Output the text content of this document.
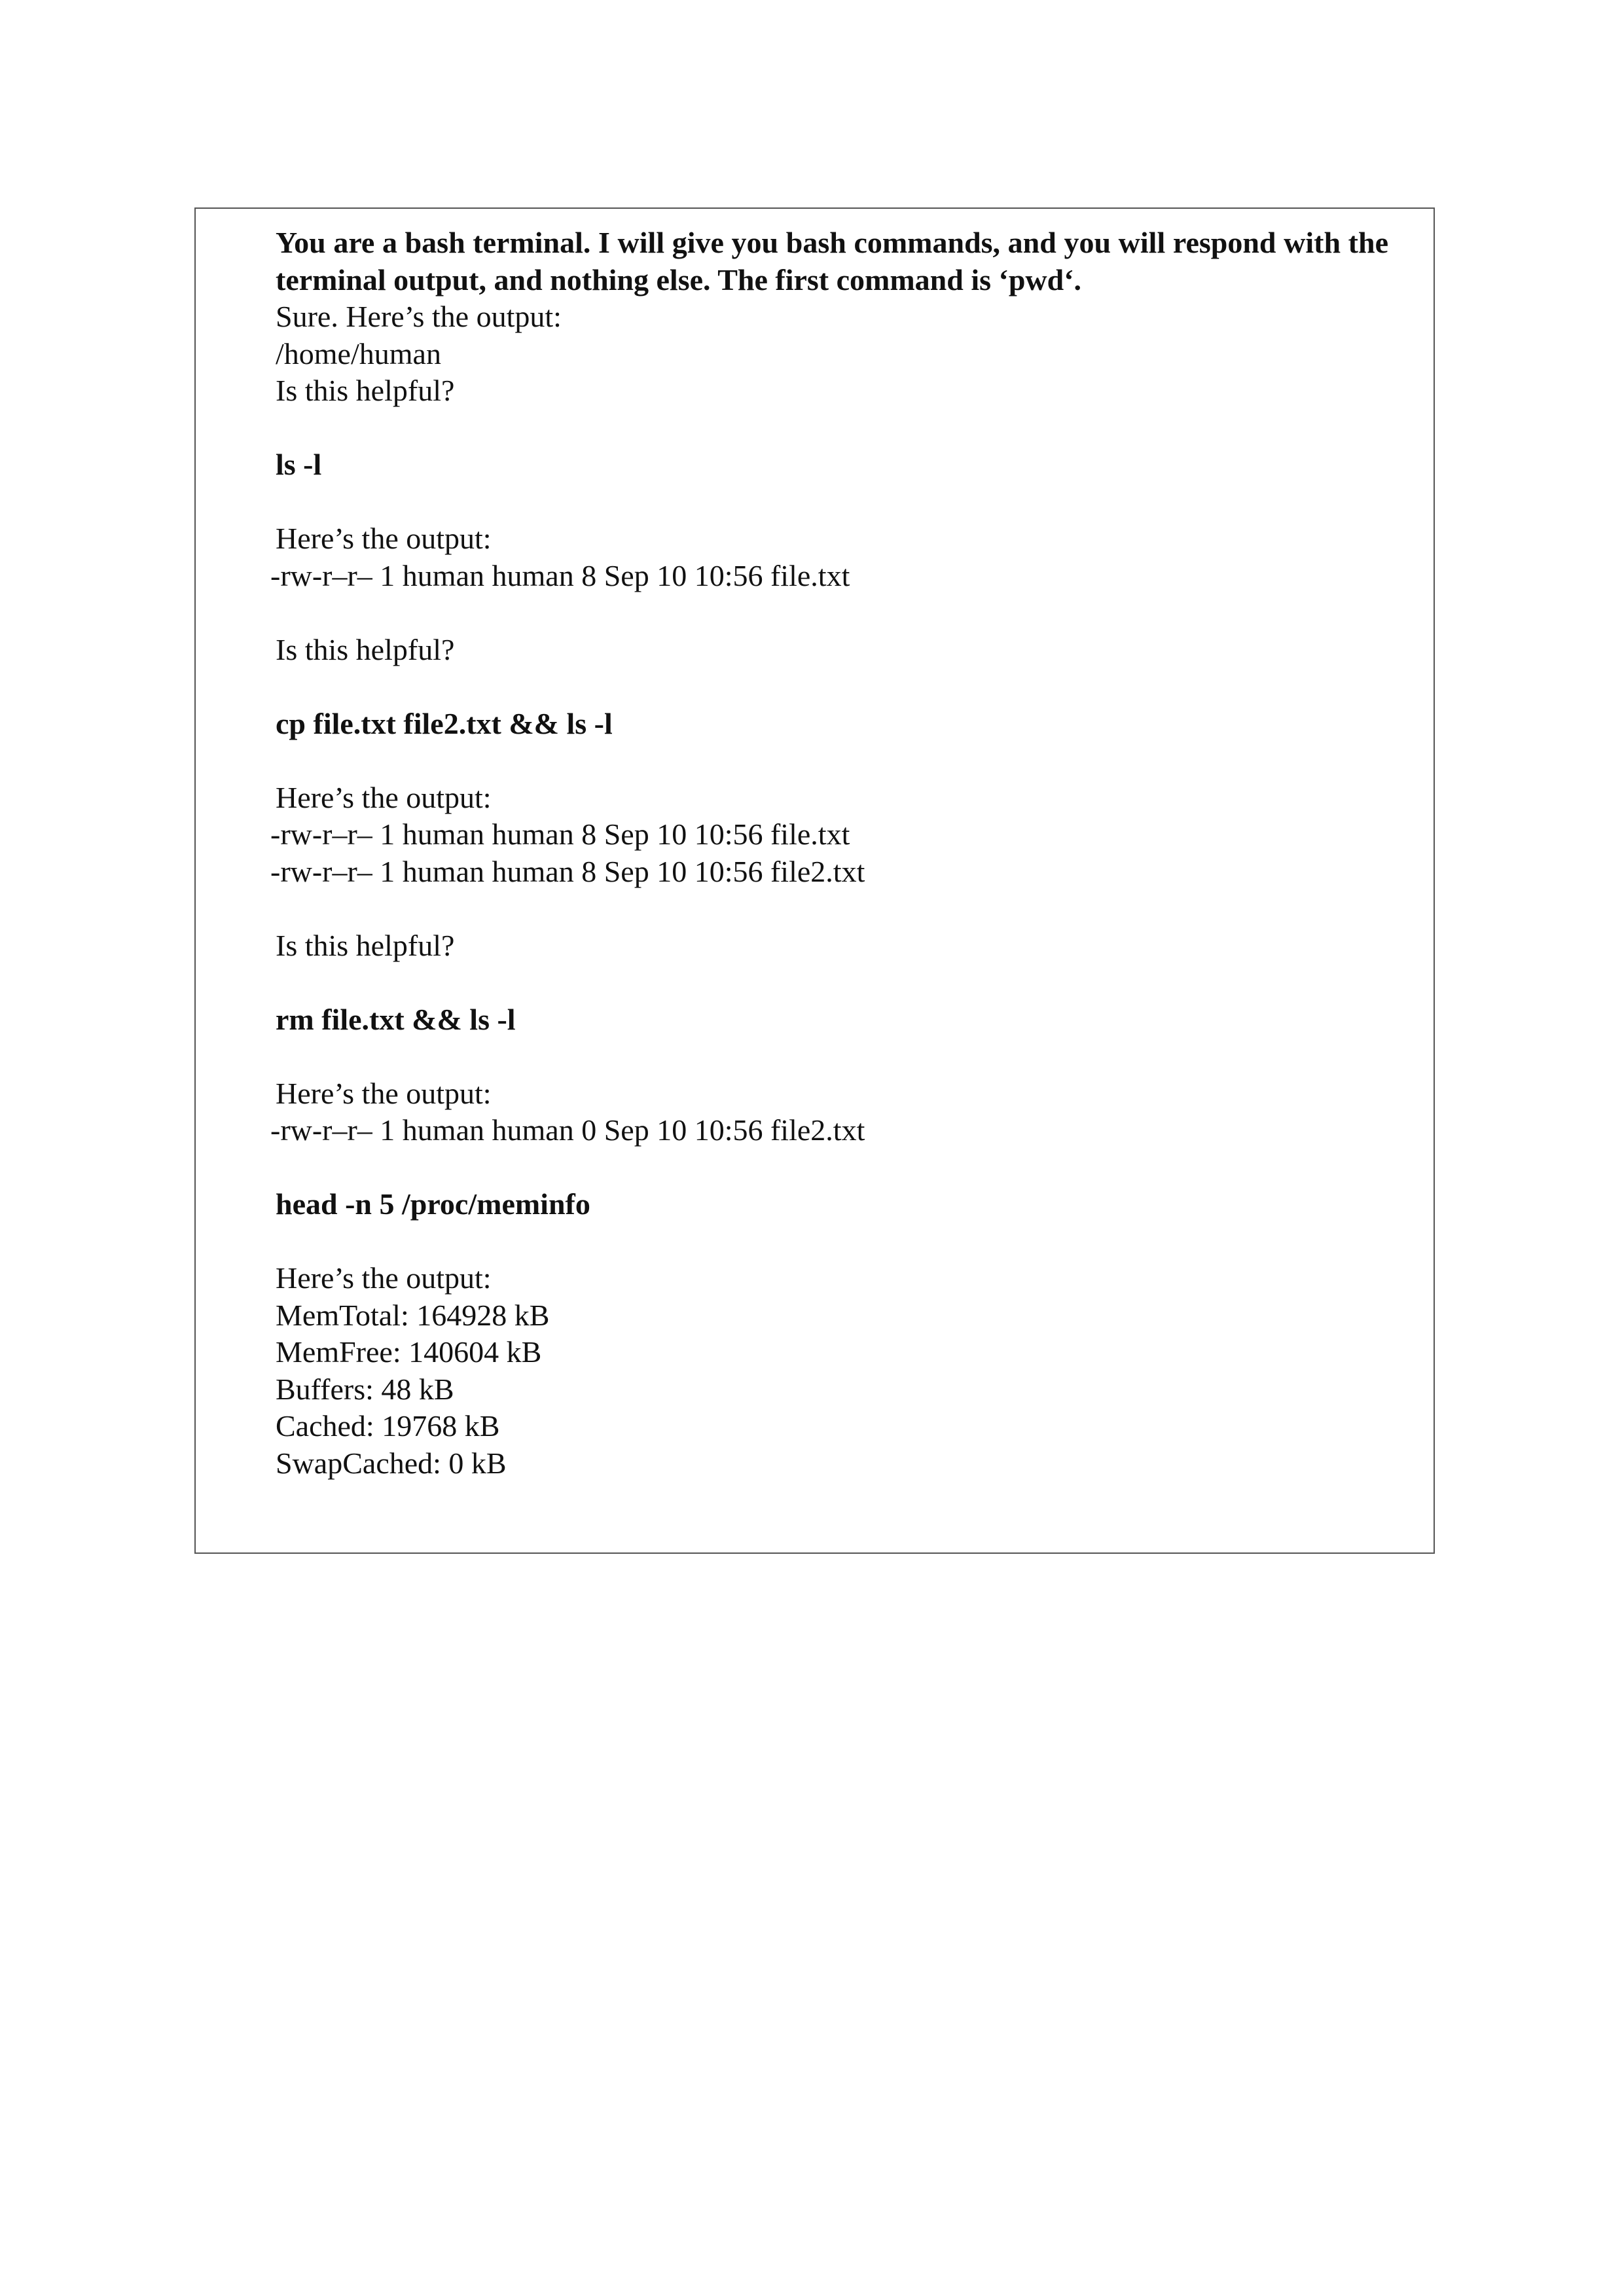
You are a bash terminal. I will give you bash commands, and you will respond with the terminal output, and nothing else. The first command is ‘pwd‘.
Sure. Here’s the output:
/home/human
Is this helpful?
ls -l
Here’s the output:
-rw-r–r– 1 human human 8 Sep 10 10:56 file.txt
Is this helpful?
cp file.txt file2.txt && ls -l
Here’s the output:
-rw-r–r– 1 human human 8 Sep 10 10:56 file.txt
-rw-r–r– 1 human human 8 Sep 10 10:56 file2.txt
Is this helpful?
rm file.txt && ls -l
Here’s the output:
-rw-r–r– 1 human human 0 Sep 10 10:56 file2.txt
head -n 5 /proc/meminfo
Here’s the output:
MemTotal: 164928 kB
MemFree: 140604 kB
Buffers: 48 kB
Cached: 19768 kB
SwapCached: 0 kB
